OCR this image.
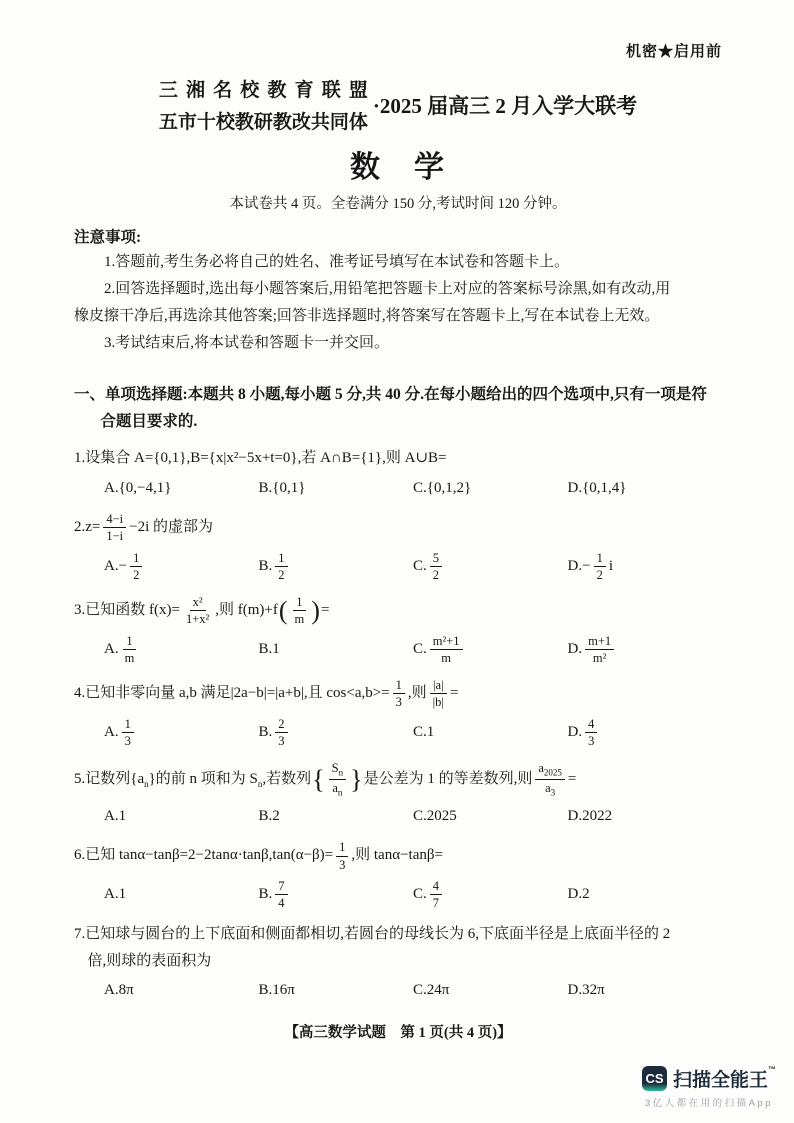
机密★启用前
三湘名校教育联盟
五市十校教研教改共同体
·2025 届高三 2 月入学大联考
数　学
本试卷共 4 页。全卷满分 150 分,考试时间 120 分钟。
注意事项:

1.答题前,考生务必将自己的姓名、准考证号填写在本试卷和答题卡上。

2.回答选择题时,选出每小题答案后,用铅笔把答题卡上对应的答案标号涂黑,如有改动,用

橡皮擦干净后,再选涂其他答案;回答非选择题时,将答案写在答题卡上,写在本试卷上无效。

3.考试结束后,将本试卷和答题卡一并交回。

一、单项选择题:本题共 8 小题,每小题 5 分,共 40 分.在每小题给出的四个选项中,只有一项是符
合题目要求的.

1.设集合 A={0,1},B={x|x²−5x+t=0},若 A∩B={1},则 A∪B=

A.{0,−4,1}	B.{0,1}	C.{0,1,2}	D.{0,1,4}

$2.z= \frac{4-i}{1-i} -2i$ 的虚部为

A. − $\frac{1}{2}$	B. $\frac{1}{2}$	C. $\frac{5}{2}$	D. − $\frac{1}{2}$ i

3.已知函数 $f(x)= \frac{\text{x²}}{\text{1+x²}}$ ,则 $f(m)+f( \frac{1}{m}$ )=

A. $\frac{1}{m}$	B.1	C. $\frac{\text{m²+1}}{m}$	D. $\frac{m+1}{\text{m²}}$

4.已知非零向量 a,b 满足|2a−b|=|a+b|,且 $\cos<a,b>= \frac{1}{3}$ ,则 $\frac{|a|}{|b|}$ =

A. $\frac{1}{3}$	B. $\frac{2}{3}$	C.1	D. $\frac{4}{3}$

5.记数列$\{a_n\}$的前 n 项和为 $S_n$,若数列{ $\frac{S_n}{a_n}$ }是公差为 1 的等差数列,则 $\frac{a_{2025}}{a_3}$ =

A.1	B.2	C.2025	D.2022

6.已知 $\tan\alpha-\tan\beta=2-2\tan\alpha\cdot\tan\beta,\tan(\alpha-\beta)= \frac{1}{3}$ ,则 tanα−tanβ=

A.1	B. $\frac{7}{4}$	C. $\frac{4}{7}$	D.2

7.已知球与圆台的上下底面和侧面都相切,若圆台的母线长为 6,下底面半径是上底面半径的 2

倍,则球的表面积为

A.8π	B.16π	C.24π	D.32π
【高三数学试题　第 1 页(共 4 页)】
CS 扫描全能王™
3亿人都在用的扫描App
